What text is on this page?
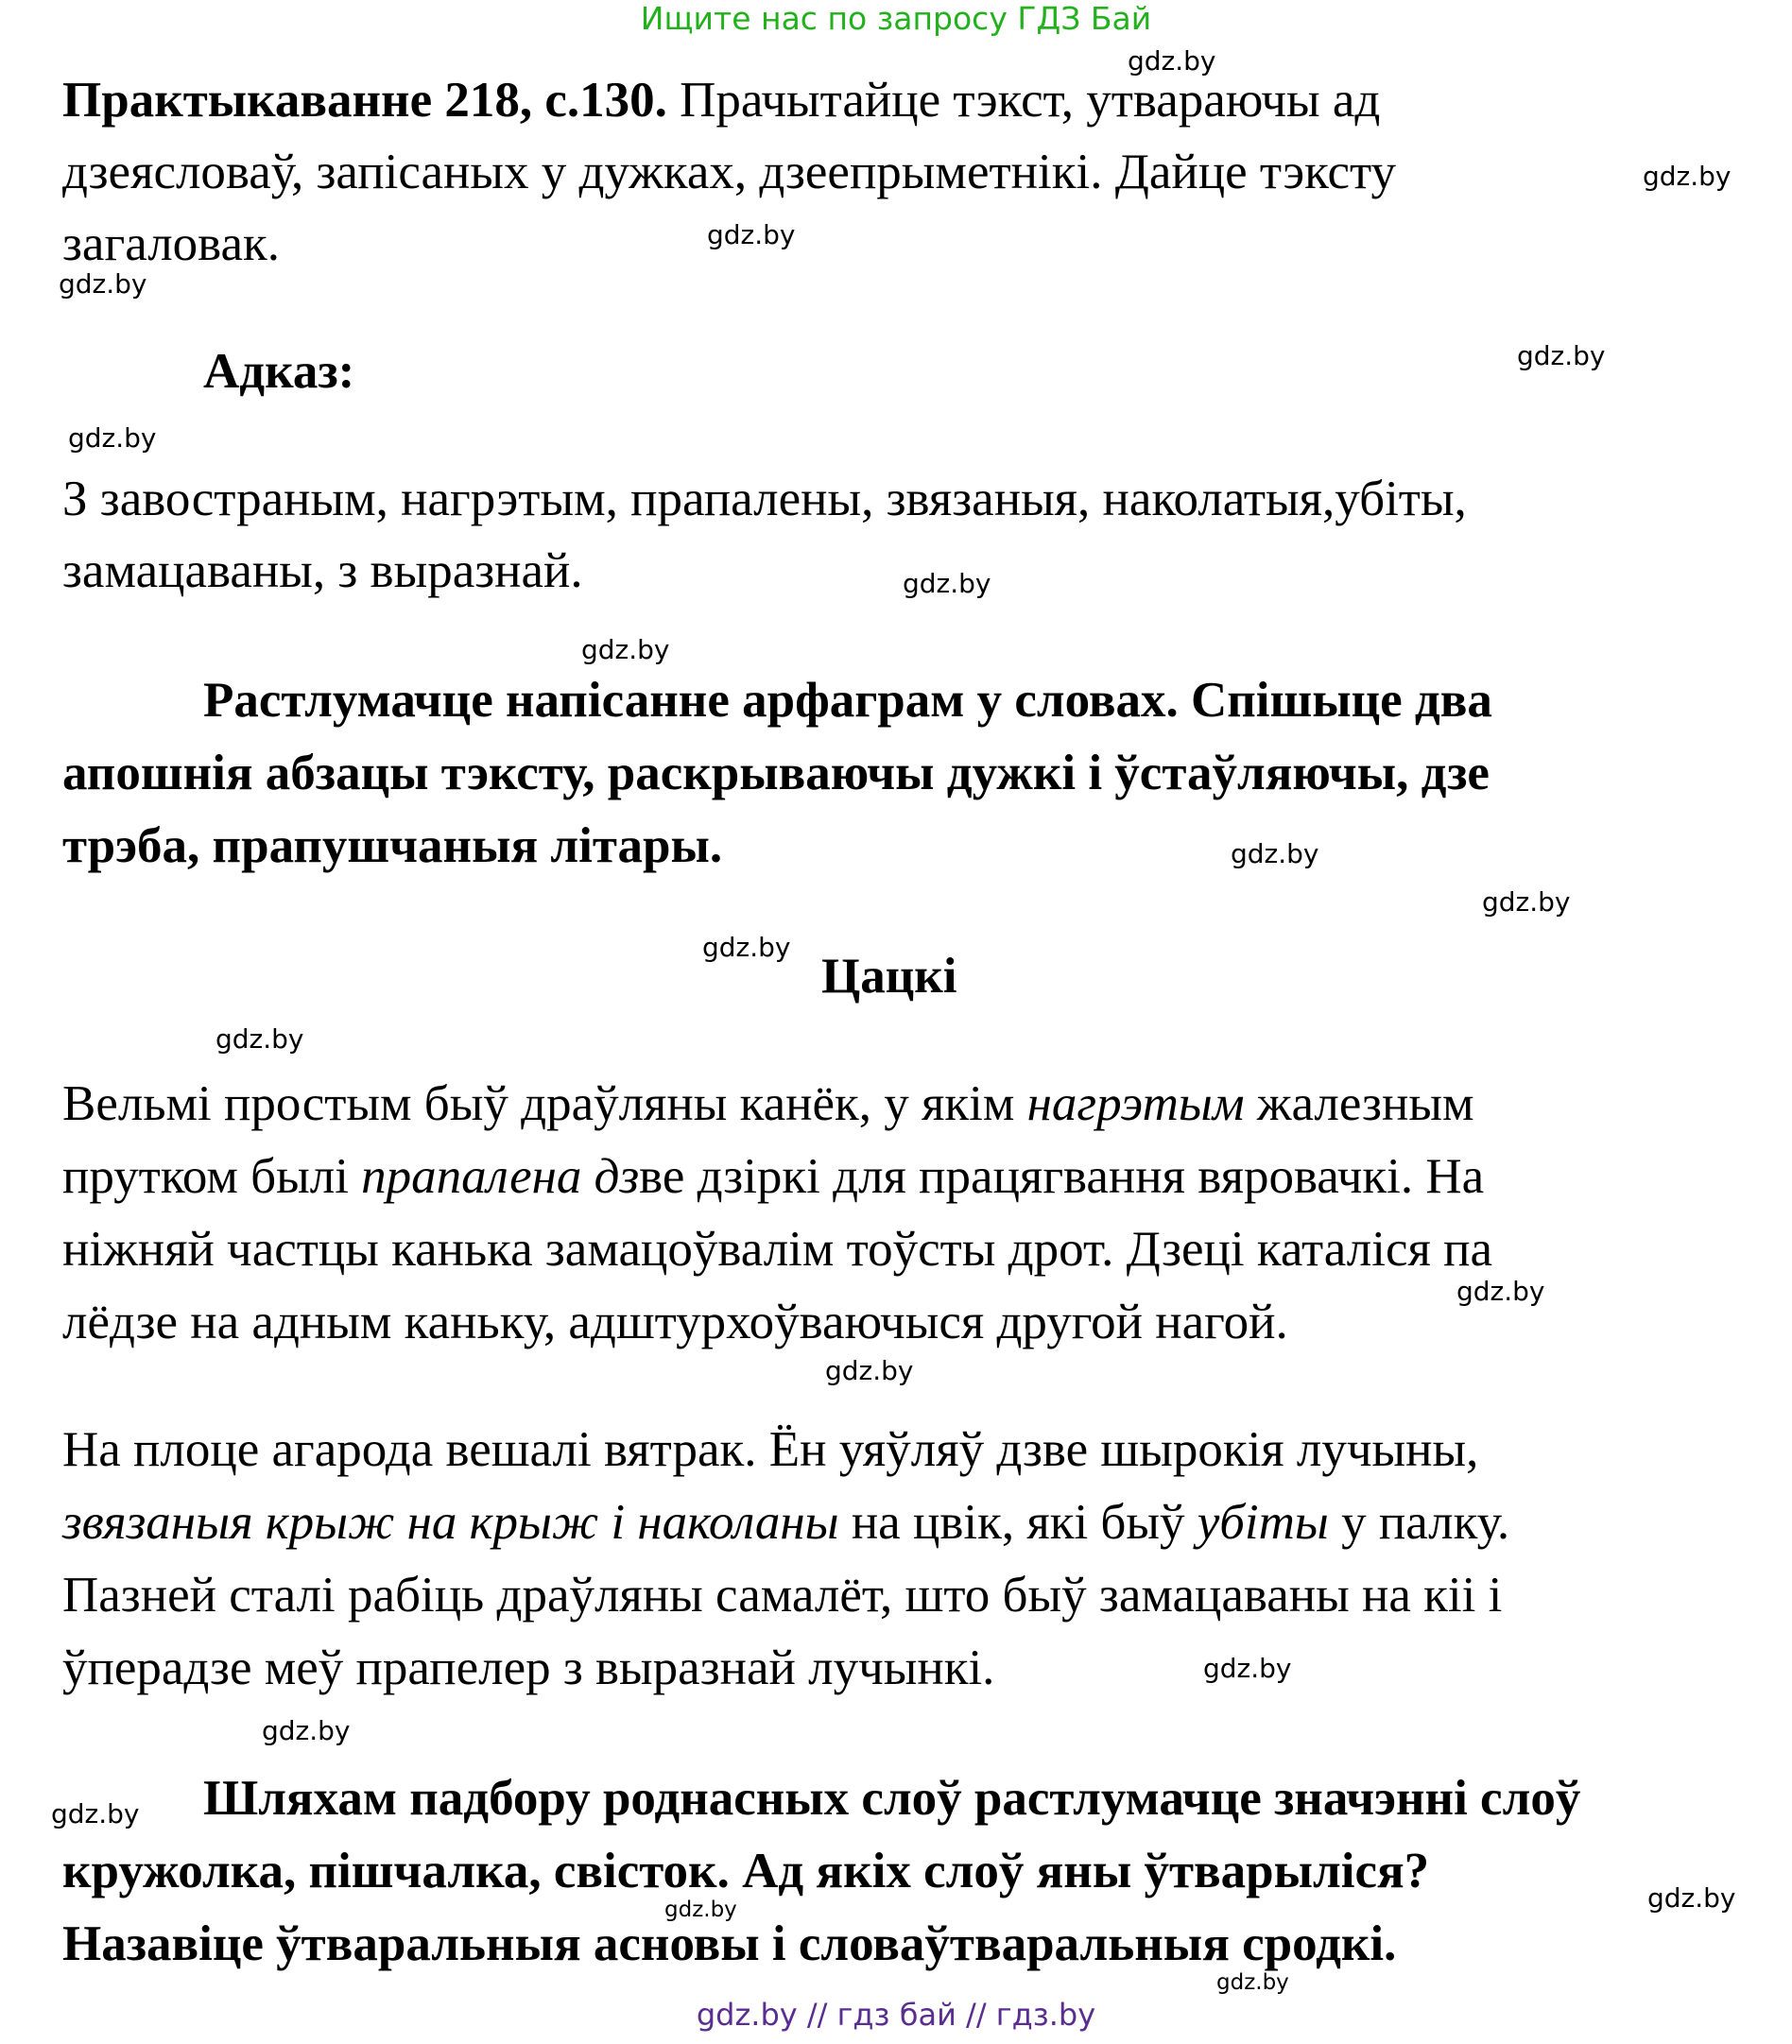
Ищите нас по запросу ГДЗ Бай
Практыкаванне 218, с.130. Прачытайце тэкст, утвараючы ад
дзеясловаў, запісаных у дужках, дзеепрыметнікі. Дайце тэксту
загаловак.
Адказ:
З завостраным, нагрэтым, прапалены, звязаныя, наколатыя,убіты,
замацаваны, з выразнай.
Растлумачце напісанне арфаграм у словах. Спішыце два
апошнія абзацы тэксту, раскрываючы дужкі і ўстаўляючы, дзе
трэба, прапушчаныя літары.
Цацкі
Вельмі простым быў драўляны канёк, у якім нагрэтым жалезным
прутком былі прапалена дзве дзіркі для працягвання вяровачкі. На
ніжняй частцы канька замацоўвалім тоўсты дрот. Дзеці каталіся па
лёдзе на адным каньку, адштурхоўваючыся другой нагой.
На плоце агарода вешалі вятрак. Ён уяўляў дзве шырокія лучыны,
звязаныя крыж на крыж і наколаны на цвік, які быў убіты у палку.
Пазней сталі рабіць драўляны самалёт, што быў замацаваны на кіі і
ўперадзе меў прапелер з выразнай лучынкі.
Шляхам падбору роднасных слоў растлумачце значэнні слоў
кружолка, пішчалка, свісток. Ад якіх слоў яны ўтварыліся?
Назавіце ўтваральныя асновы і словаўтваральныя сродкі.
gdz.by
gdz.by
gdz.by
gdz.by
gdz.by
gdz.by
gdz.by
gdz.by
gdz.by
gdz.by
gdz.by
gdz.by
gdz.by
gdz.by
gdz.by
gdz.by
gdz.by
gdz.by
gdz.by
gdz.by
gdz.by // гдз бай // гдз.by
